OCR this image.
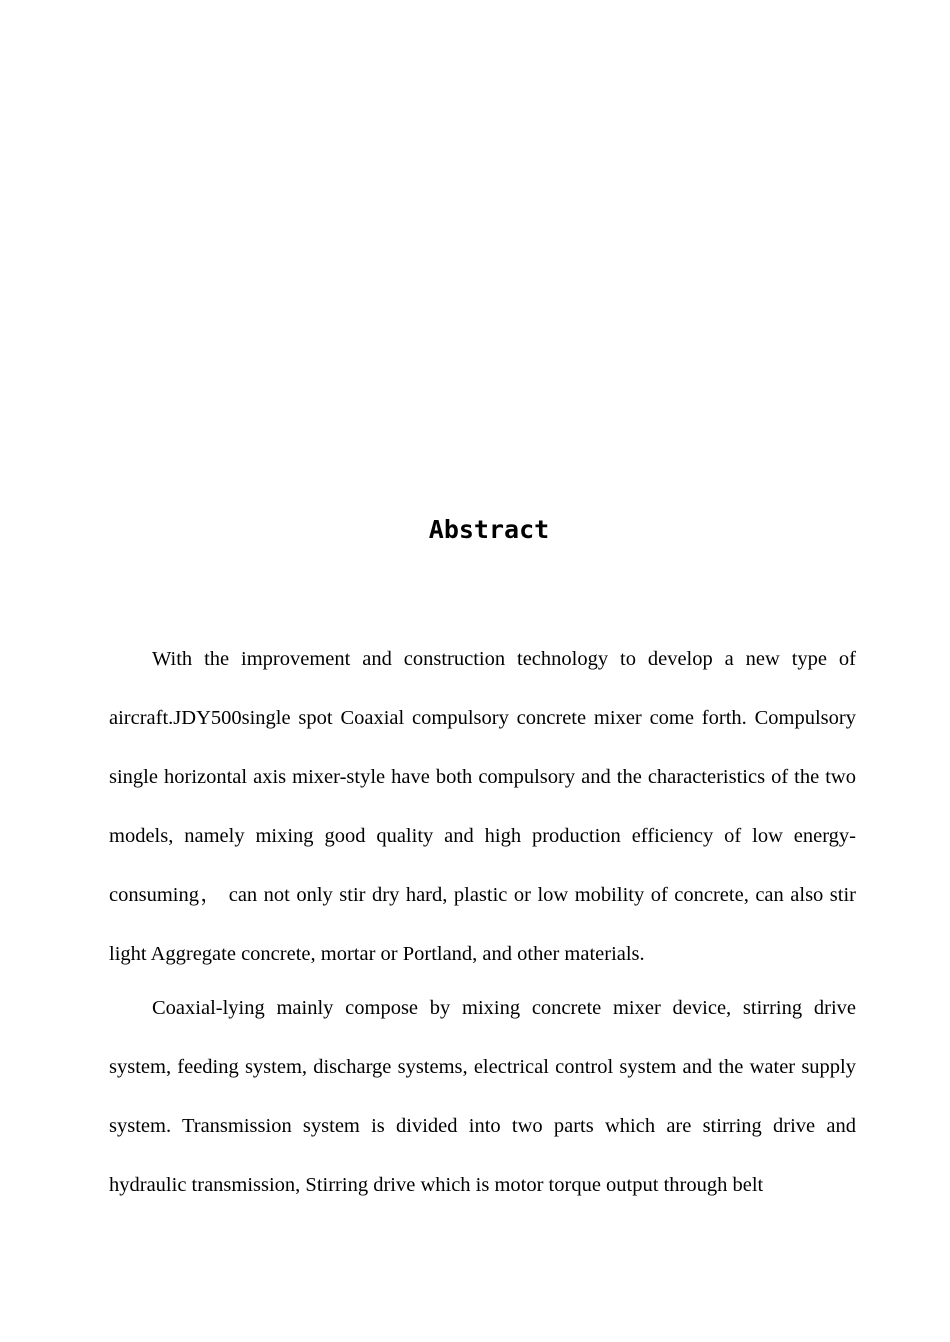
Abstract

With the improvement and construction technology to develop a new type of aircraft.JDY500single spot Coaxial compulsory concrete mixer come forth. Compulsory single horizontal axis mixer-style have both compulsory and the characteristics of the two models, namely mixing good quality and high production efficiency of low energy-consuming， can not only stir dry hard, plastic or low mobility of concrete, can also stir light Aggregate concrete, mortar or Portland, and other materials.

Coaxial-lying mainly compose by mixing concrete mixer device, stirring drive system, feeding system, discharge systems, electrical control system and the water supply system. Transmission system is divided into two parts which are stirring drive and hydraulic transmission, Stirring drive which is motor torque output through belt
